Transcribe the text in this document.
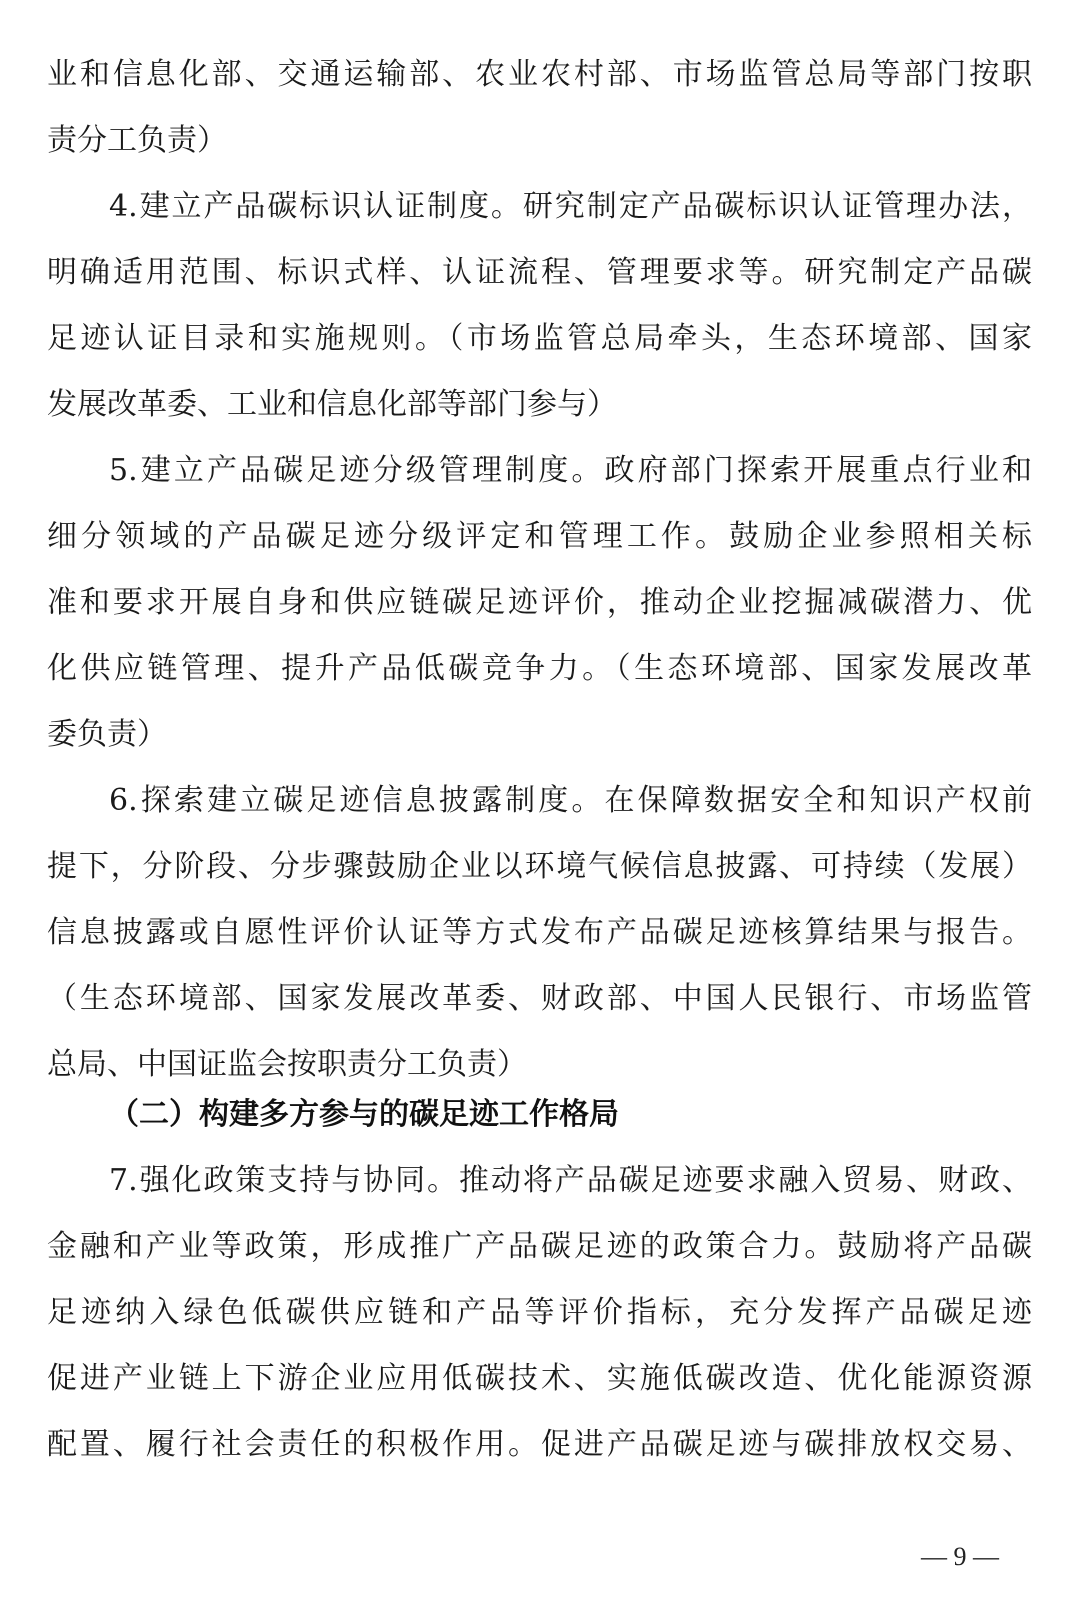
业和信息化部、交通运输部、农业农村部、市场监管总局等部门按职
责分工负责）
4.建立产品碳标识认证制度。研究制定产品碳标识认证管理办法，
明确适用范围、标识式样、认证流程、管理要求等。研究制定产品碳
足迹认证目录和实施规则。（市场监管总局牵头，生态环境部、国家
发展改革委、工业和信息化部等部门参与）
5.建立产品碳足迹分级管理制度。政府部门探索开展重点行业和
细分领域的产品碳足迹分级评定和管理工作。鼓励企业参照相关标
准和要求开展自身和供应链碳足迹评价，推动企业挖掘减碳潜力、优
化供应链管理、提升产品低碳竞争力。（生态环境部、国家发展改革
委负责）
6.探索建立碳足迹信息披露制度。在保障数据安全和知识产权前
提下，分阶段、分步骤鼓励企业以环境气候信息披露、可持续（发展）
信息披露或自愿性评价认证等方式发布产品碳足迹核算结果与报告。
（生态环境部、国家发展改革委、财政部、中国人民银行、市场监管
总局、中国证监会按职责分工负责）
（二）构建多方参与的碳足迹工作格局
7.强化政策支持与协同。推动将产品碳足迹要求融入贸易、财政、
金融和产业等政策，形成推广产品碳足迹的政策合力。鼓励将产品碳
足迹纳入绿色低碳供应链和产品等评价指标，充分发挥产品碳足迹
促进产业链上下游企业应用低碳技术、实施低碳改造、优化能源资源
配置、履行社会责任的积极作用。促进产品碳足迹与碳排放权交易、
— 9 —
